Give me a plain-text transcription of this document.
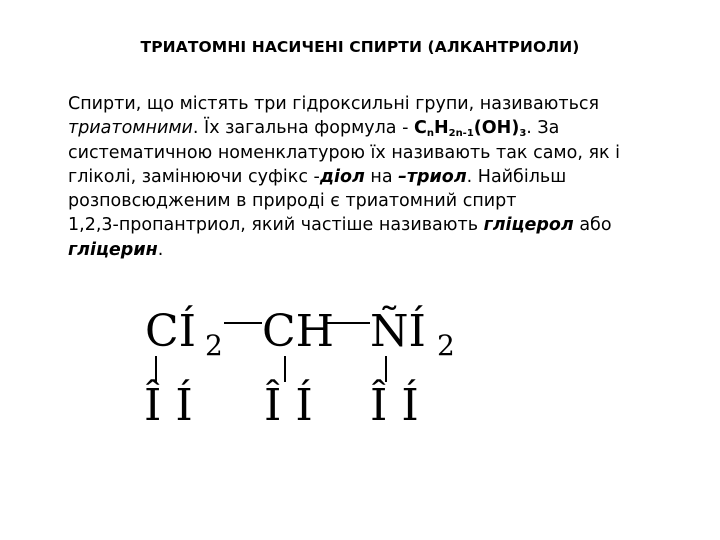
ТРИАТОМНІ НАСИЧЕНІ СПИРТИ (АЛКАНТРИОЛИ)
Спирти, що містять три гідроксильні групи, називаються
триатомними. Їх загальна формула - $C_nH_{2n-1}(OH)_3$. За
систематичною номенклатурою їх називають так само, як і
гліколі, замінюючи суфікс -діол на –триол. Найбільш
розповсюдженим в природі є триатомний спирт
1,2,3-пропантриол, який частіше називають гліцерол або
гліцерин.
CÍ 2 CH ÑÍ 2
Î Í Î Í Î Í
